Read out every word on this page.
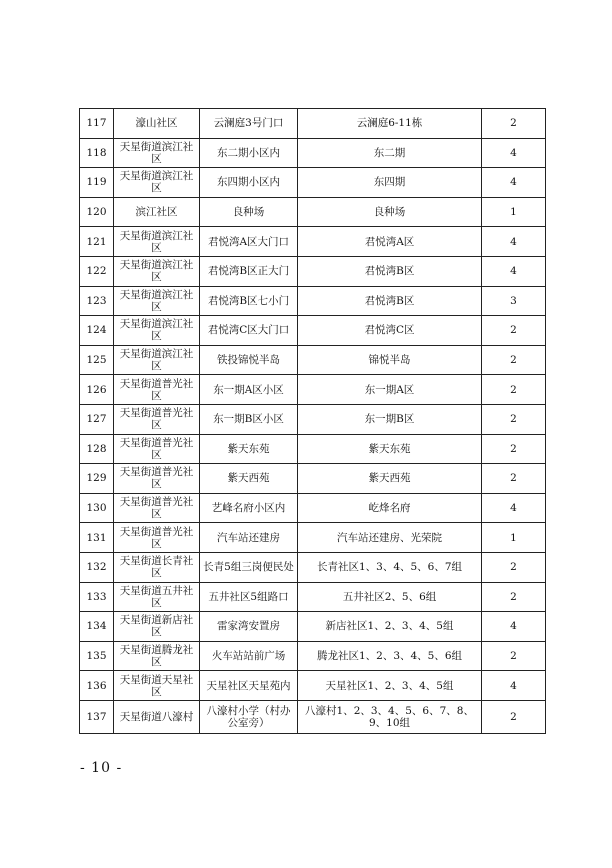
117	濠山社区	云澜庭3号门口	云澜庭6-11栋	2
118	天星街道滨江社区	东二期小区内	东二期	4
119	天星街道滨江社区	东四期小区内	东四期	4
120	滨江社区	良种场	良种场	1
121	天星街道滨江社区	君悦湾A区大门口	君悦湾A区	4
122	天星街道滨江社区	君悦湾B区正大门	君悦湾B区	4
123	天星街道滨江社区	君悦湾B区七小门	君悦湾B区	3
124	天星街道滨江社区	君悦湾C区大门口	君悦湾C区	2
125	天星街道滨江社区	铁投锦悦半岛	锦悦半岛	2
126	天星街道普光社区	东一期A区小区	东一期A区	2
127	天星街道普光社区	东一期B区小区	东一期B区	2
128	天星街道普光社区	紫天东苑	紫天东苑	2
129	天星街道普光社区	紫天西苑	紫天西苑	2
130	天星街道普光社区	艺峰名府小区内	屹烽名府	4
131	天星街道普光社区	汽车站还建房	汽车站还建房、光荣院	1
132	天星街道长青社区	长青5组三岗便民处	长青社区1、3、4、5、6、7组	2
133	天星街道五井社区	五井社区5组路口	五井社区2、5、6组	2
134	天星街道新店社区	雷家湾安置房	新店社区1、2、3、4、5组	4
135	天星街道腾龙社区	火车站站前广场	腾龙社区1、2、3、4、5、6组	2
136	天星街道天星社区	天星社区天星苑内	天星社区1、2、3、4、5组	4
137	天星街道八濠村	八濠村小学（村办公室旁）	八濠村1、2、3、4、5、6、7、8、9、10组	2
- 10 -
